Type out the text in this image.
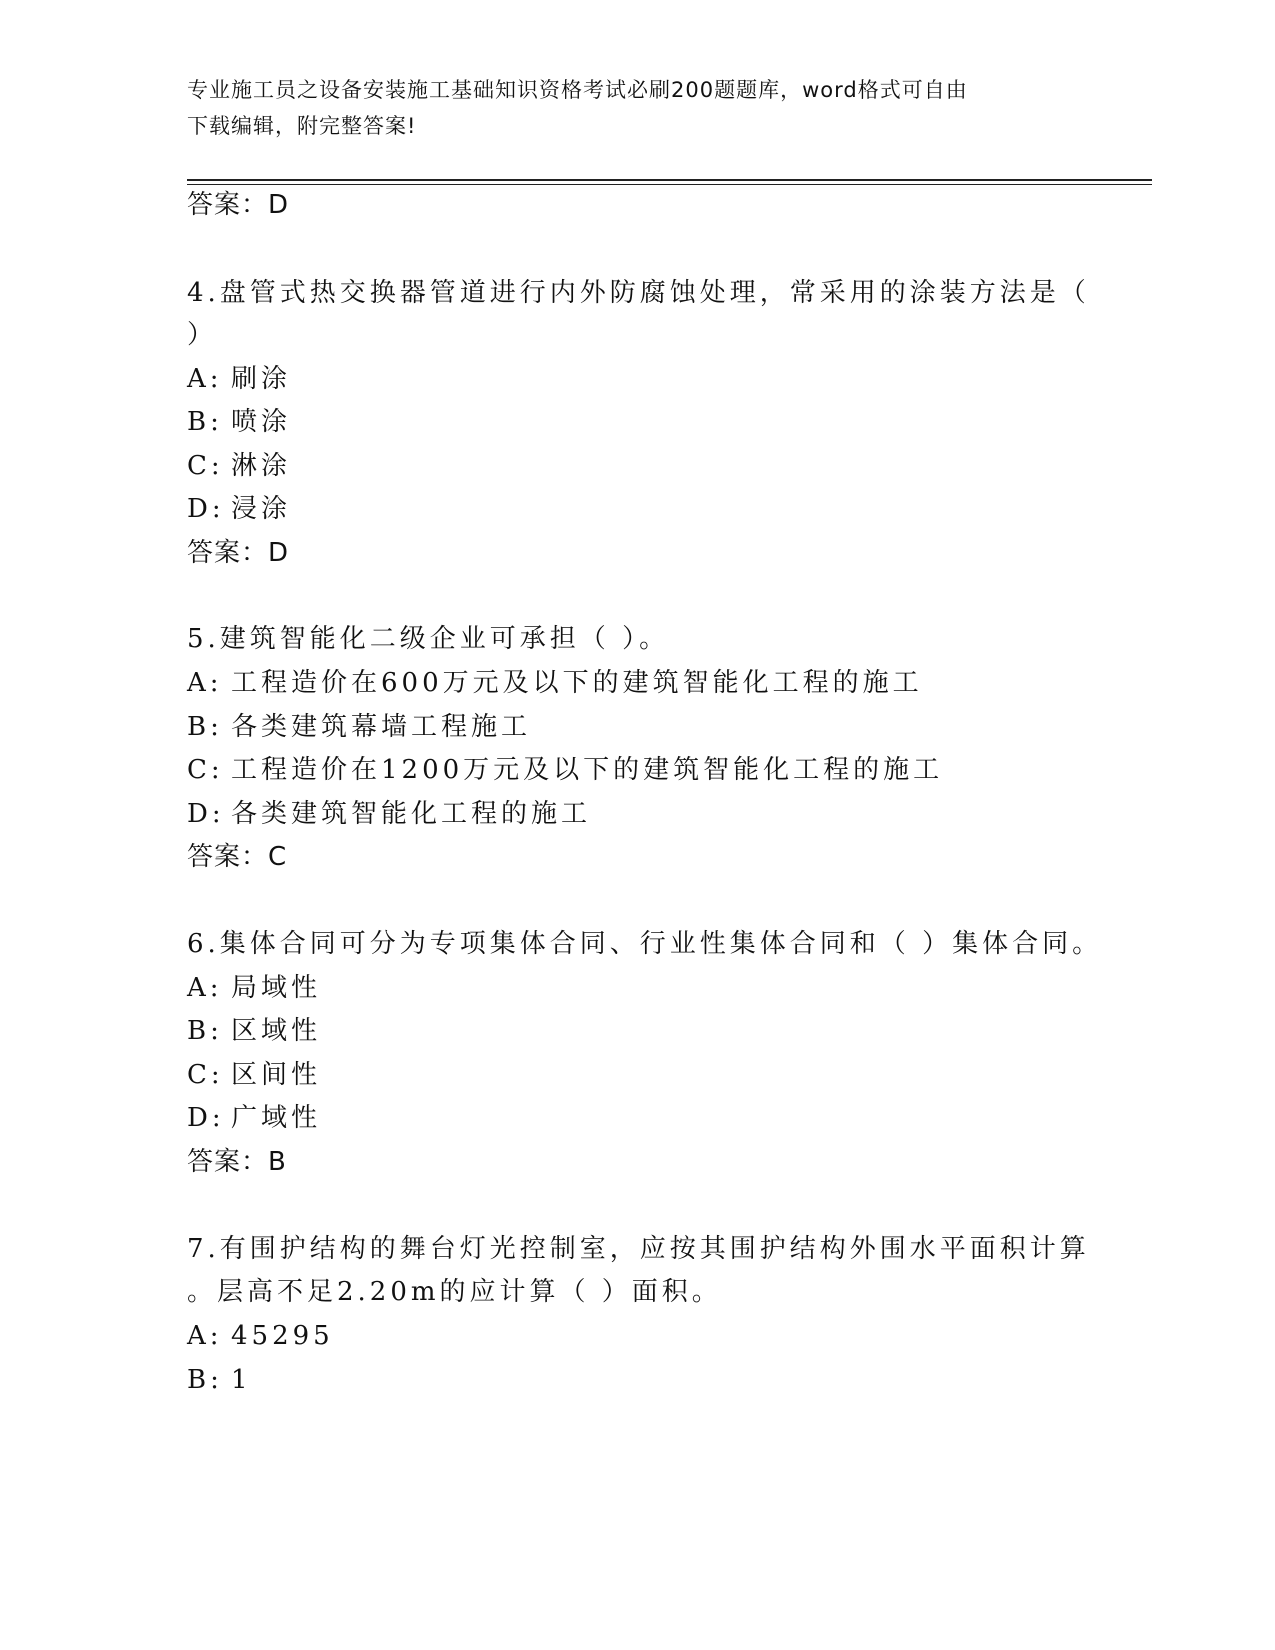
专业施工员之设备安装施工基础知识资格考试必刷200题题库，word格式可自由
下载编辑，附完整答案!
答案：D
4.盘管式热交换器管道进行内外防腐蚀处理，常采用的涂装方法是（
）
A: 刷涂
B: 喷涂
C: 淋涂
D: 浸涂
答案：D
5.建筑智能化二级企业可承担（ ）。
A: 工程造价在600万元及以下的建筑智能化工程的施工
B: 各类建筑幕墙工程施工
C: 工程造价在1200万元及以下的建筑智能化工程的施工
D: 各类建筑智能化工程的施工
答案：C
6.集体合同可分为专项集体合同、行业性集体合同和（ ）集体合同。
A: 局域性
B: 区域性
C: 区间性
D: 广域性
答案：B
7.有围护结构的舞台灯光控制室，应按其围护结构外围水平面积计算
。层高不足2.20m的应计算（ ）面积。
A: 45295
B: 1
